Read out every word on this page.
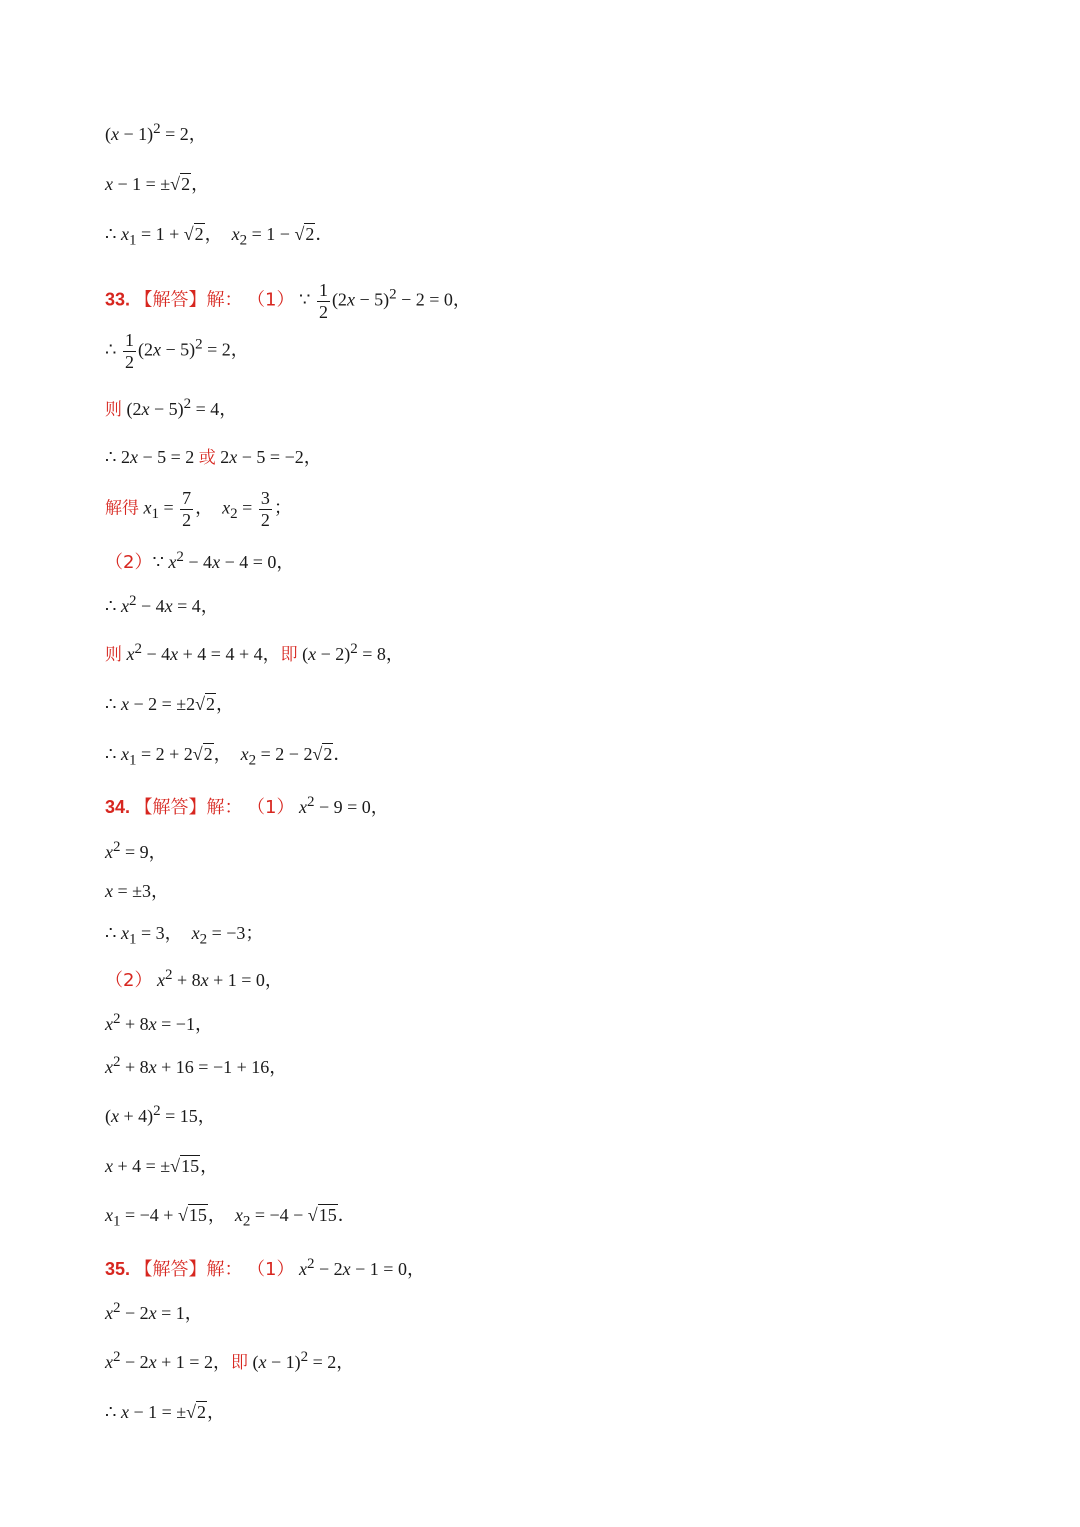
$(x - 1)^2 = 2$，
x − 1 = ±√2，
∴ $x_1 = 1 + √2$，  $x_2 = 1 - √2$．
33. 【解答】解： （1） ∵ $\frac{1}{2} (2x - 5)^2 - 2 = 0$，
∴ $\frac{1}{2} (2x - 5)^2 = 2$，
则 $(2x - 5)^2 = 4$，
∴ 2x − 5 = 2 或 2x − 5 = −2，
解得 $x_1 = \frac{7}{2}$ ，  $x_2 = \frac{3}{2}$ ；
（2）∵ $x^2 - 4x - 4 = 0$，
∴ $x^2 - 4x = 4$，
则 $x^2 - 4x + 4 = 4 + 4$，即 $(x - 2)^2 = 8$，
∴ x − 2 = ±2√2，
∴ $x_1 = 2 + 2√2$，  $x_2 = 2 - 2√2$．
34. 【解答】解： （1） $x^2 - 9 = 0$，
$x^2 = 9$，
x = ±3，
∴ $x_1 = 3$，  $x_2 = -3$；
（2） $x^2 + 8x + 1 = 0$，
$x^2 + 8x = -1$，
$x^2 + 8x + 16 = -1 + 16$，
$(x + 4)^2 = 15$，
x + 4 = ±√15，
$x_1 = -4 + √15$，  $x_2 = -4 - √15$．
35. 【解答】解： （1） $x^2 - 2x - 1 = 0$，
$x^2 - 2x = 1$，
$x^2 - 2x + 1 = 2$，即 $(x - 1)^2 = 2$，
∴ x − 1 = ±√2，
